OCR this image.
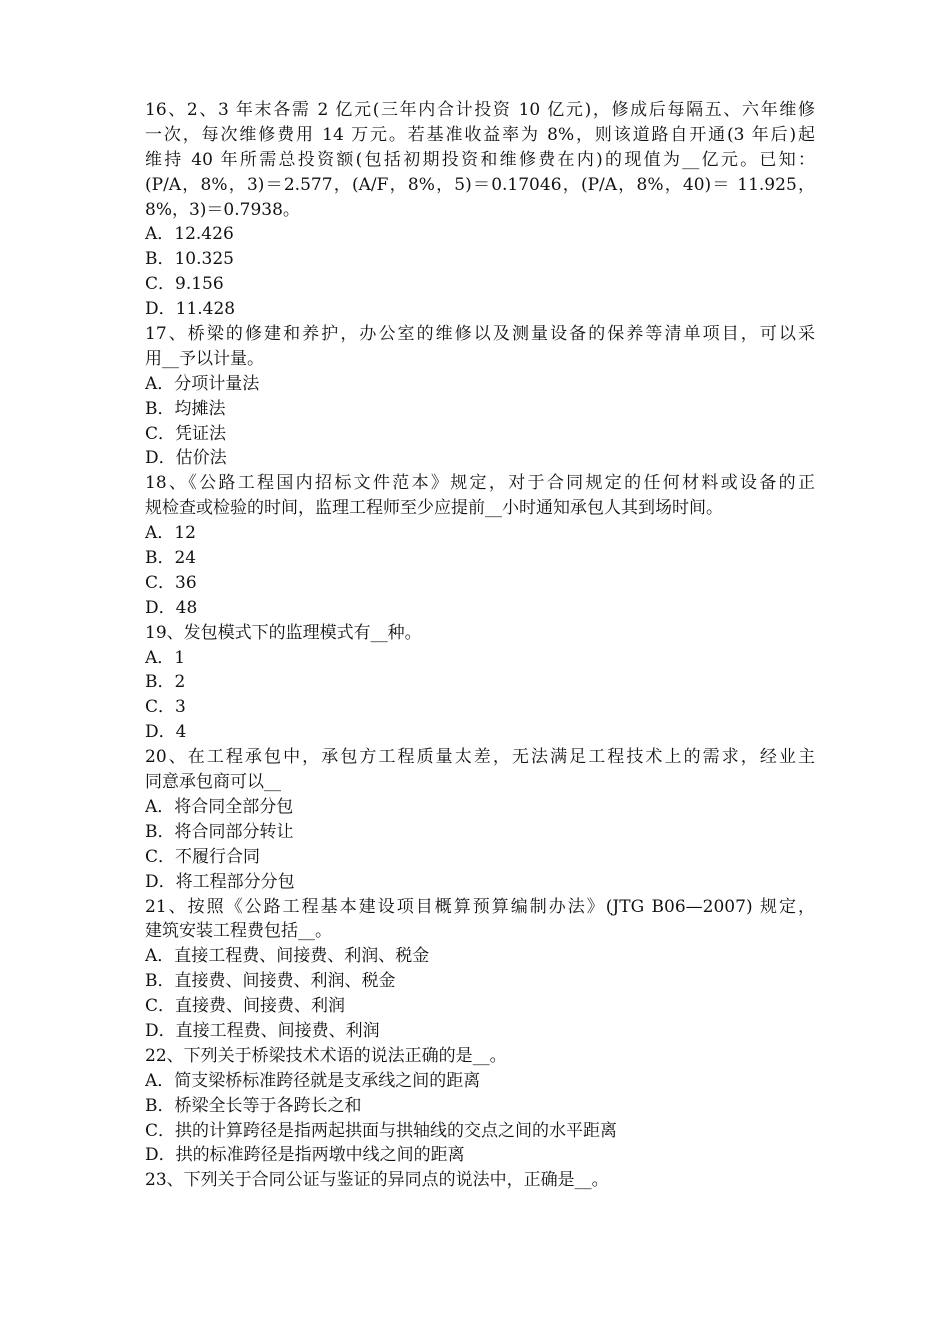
16、2、3 年末各需 2 亿元(三年内合计投资 10 亿元)，修成后每隔五、六年维修
一次，每次维修费用 14 万元。若基准收益率为 8%，则该道路自开通(3 年后)起
维持 40 年所需总投资额(包括初期投资和维修费在内)的现值为__亿元。已知：
(P/A，8%，3)＝2.577，(A/F，8%，5)＝0.17046，(P/A，8%，40)＝ 11.925，
8%，3)＝0.7938。
A．12.426
B．10.325
C．9.156
D．11.428
17、桥梁的修建和养护，办公室的维修以及测量设备的保养等清单项目，可以采
用__予以计量。
A．分项计量法
B．均摊法
C．凭证法
D．估价法
18、《公路工程国内招标文件范本》规定，对于合同规定的任何材料或设备的正
规检查或检验的时间，监理工程师至少应提前__小时通知承包人其到场时间。
A．12
B．24
C．36
D．48
19、发包模式下的监理模式有__种。
A．1
B．2
C．3
D．4
20、在工程承包中，承包方工程质量太差，无法满足工程技术上的需求，经业主
同意承包商可以__
A．将合同全部分包
B．将合同部分转让
C．不履行合同
D．将工程部分分包
21、按照《公路工程基本建设项目概算预算编制办法》(JTG B06—2007) 规定，
建筑安装工程费包括__。
A．直接工程费、间接费、利润、税金
B．直接费、间接费、利润、税金
C．直接费、间接费、利润
D．直接工程费、间接费、利润
22、下列关于桥梁技术术语的说法正确的是__。
A．简支梁桥标准跨径就是支承线之间的距离
B．桥梁全长等于各跨长之和
C．拱的计算跨径是指两起拱面与拱轴线的交点之间的水平距离
D．拱的标准跨径是指两墩中线之间的距离
23、下列关于合同公证与鉴证的异同点的说法中，正确是__。
